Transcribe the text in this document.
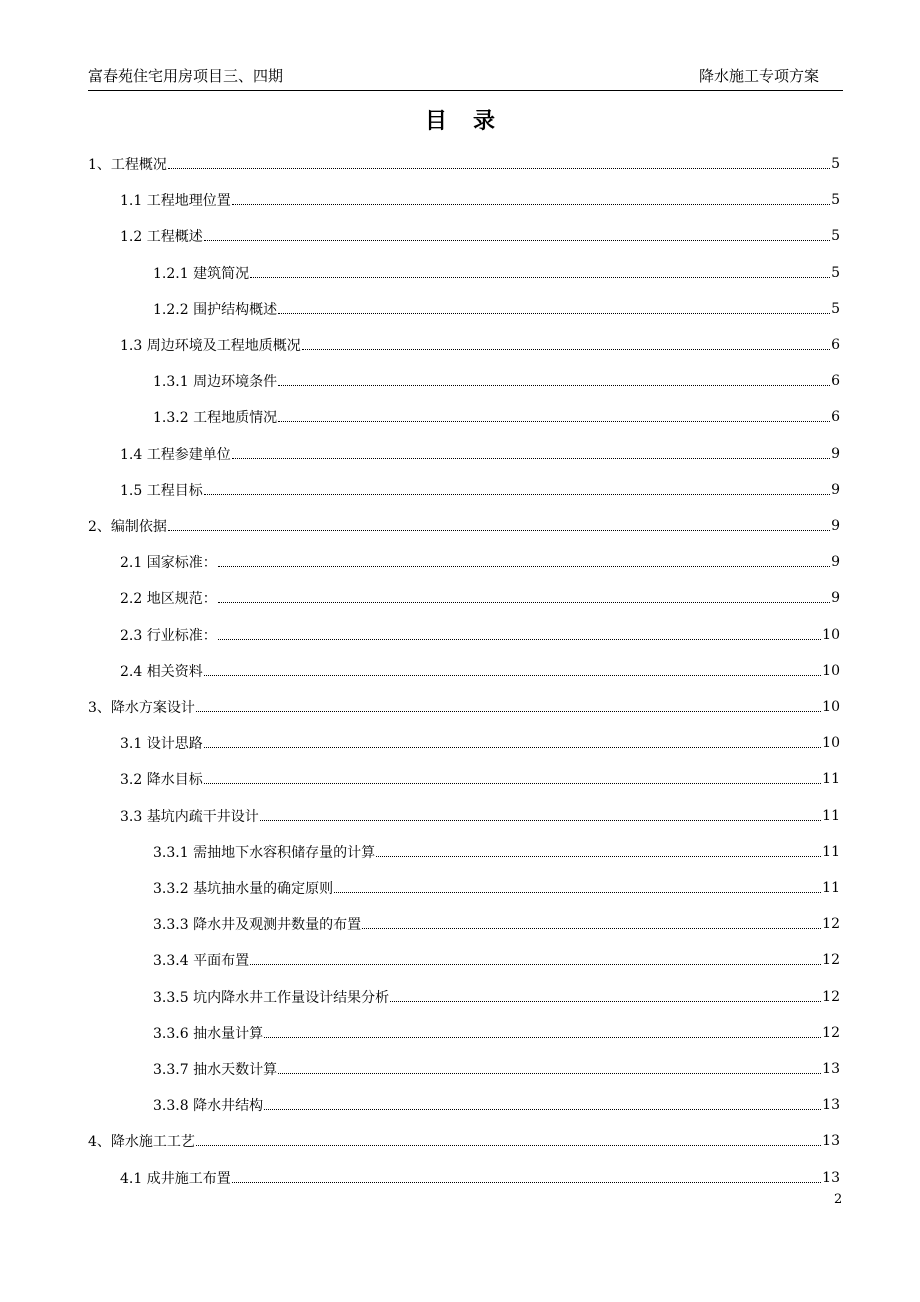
富春苑住宅用房项目三、四期	降水施工专项方案
目录
1、工程概况	5
1.1 工程地理位置	5
1.2 工程概述	5
1.2.1 建筑简况	5
1.2.2 围护结构概述	5
1.3 周边环境及工程地质概况	6
1.3.1 周边环境条件	6
1.3.2 工程地质情况	6
1.4 工程参建单位	9
1.5 工程目标	9
2、编制依据	9
2.1 国家标准：	9
2.2 地区规范：	9
2.3 行业标准：	10
2.4 相关资料	10
3、降水方案设计	10
3.1 设计思路	10
3.2 降水目标	11
3.3 基坑内疏干井设计	11
3.3.1 需抽地下水容积储存量的计算	11
3.3.2 基坑抽水量的确定原则	11
3.3.3 降水井及观测井数量的布置	12
3.3.4 平面布置	12
3.3.5 坑内降水井工作量设计结果分析	12
3.3.6 抽水量计算	12
3.3.7 抽水天数计算	13
3.3.8 降水井结构	13
4、降水施工工艺	13
4.1 成井施工布置	13
2
